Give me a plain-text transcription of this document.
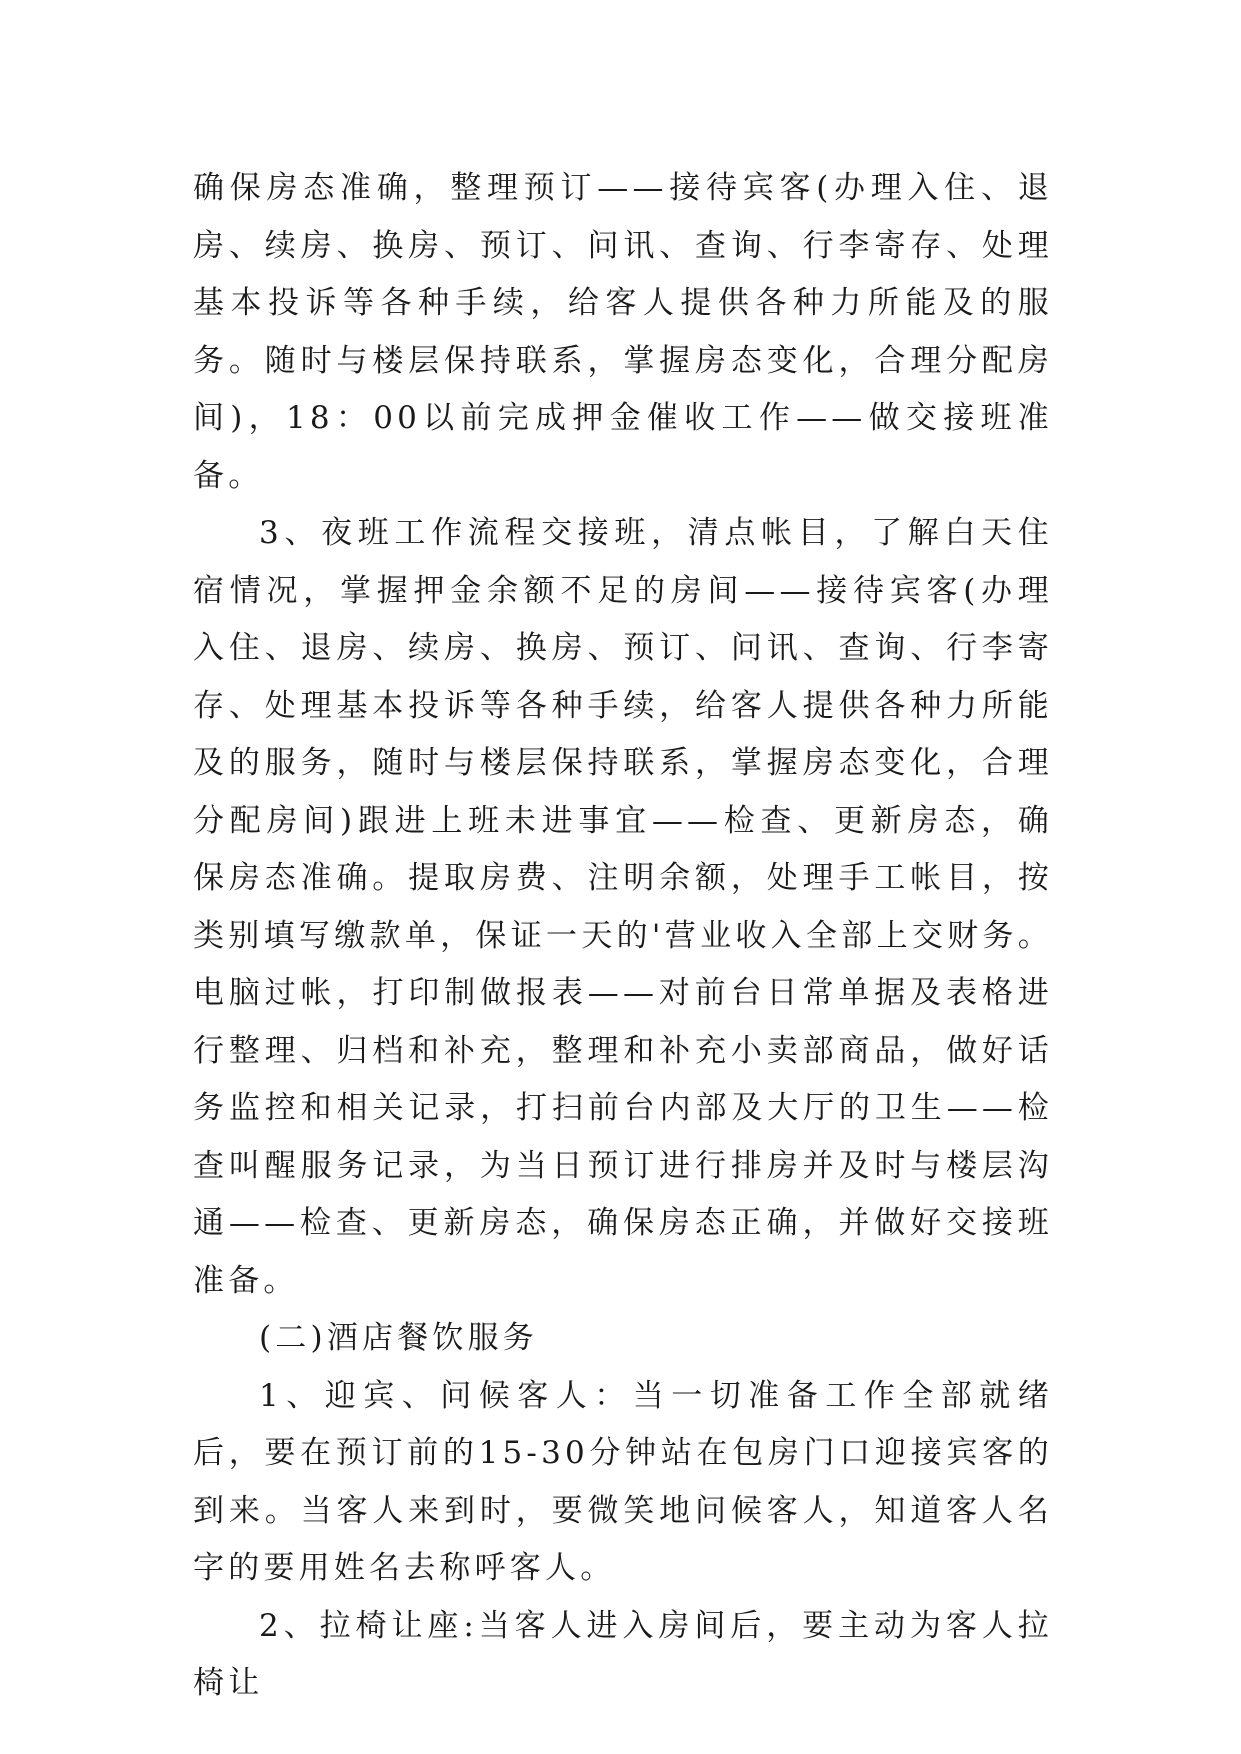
确保房态准确，整理预订——接待宾客(办理入住、退房、续房、换房、预订、问讯、查询、行李寄存、处理基本投诉等各种手续，给客人提供各种力所能及的服务。随时与楼层保持联系，掌握房态变化，合理分配房间)，18：00以前完成押金催收工作——做交接班准备。

3、夜班工作流程交接班，清点帐目，了解白天住宿情况，掌握押金余额不足的房间——接待宾客(办理入住、退房、续房、换房、预订、问讯、查询、行李寄存、处理基本投诉等各种手续，给客人提供各种力所能及的服务，随时与楼层保持联系，掌握房态变化，合理分配房间)跟进上班未进事宜——检查、更新房态，确保房态准确。提取房费、注明余额，处理手工帐目，按类别填写缴款单，保证一天的'营业收入全部上交财务。电脑过帐，打印制做报表——对前台日常单据及表格进行整理、归档和补充，整理和补充小卖部商品，做好话务监控和相关记录，打扫前台内部及大厅的卫生——检查叫醒服务记录，为当日预订进行排房并及时与楼层沟通——检查、更新房态，确保房态正确，并做好交接班准备。

(二)酒店餐饮服务

1、迎宾、问候客人：当一切准备工作全部就绪后，要在预订前的15-30分钟站在包房门口迎接宾客的到来。当客人来到时，要微笑地问候客人，知道客人名字的要用姓名去称呼客人。

2、拉椅让座:当客人进入房间后，要主动为客人拉椅让
